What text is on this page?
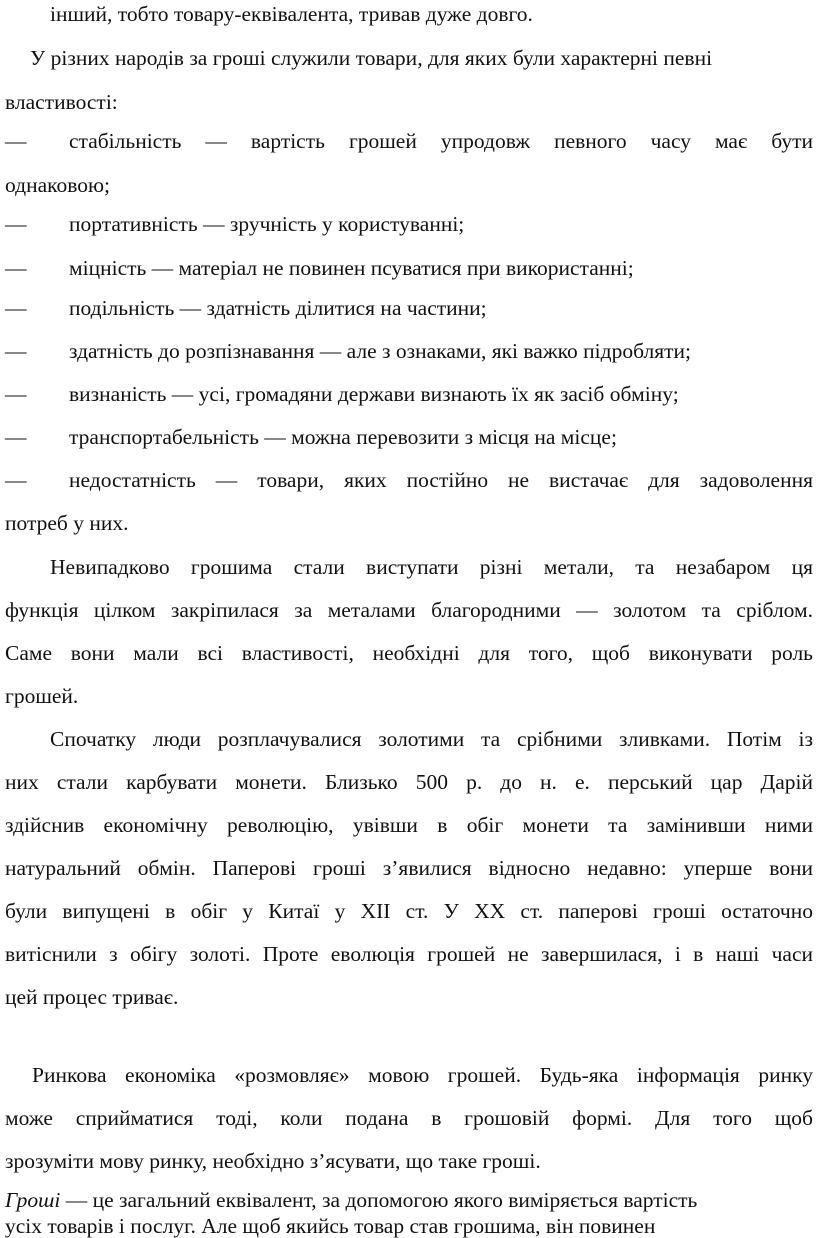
інший, тобто товару-еквівалента, тривав дуже довго.
У різних народів за гроші служили товари, для яких були характерні певні
властивості:
— стабільність — вартість грошей упродовж певного часу має бути
однаковою;
— портативність — зручність у користуванні;
— міцність — матеріал не повинен псуватися при використанні;
— подільність — здатність ділитися на частини;
— здатність до розпізнавання — але з ознаками, які важко підробляти;
— визнаність — усі, громадяни держави визнають їх як засіб обміну;
— транспортабельність — можна перевозити з місця на місце;
— недостатність — товари, яких постійно не вистачає для задоволення
потреб у них.
Невипадково грошима стали виступати різні метали, та незабаром ця
функція цілком закріпилася за металами благородними — золотом та сріблом.
Саме вони мали всі властивості, необхідні для того, щоб виконувати роль
грошей.
Спочатку люди розплачувалися золотими та срібними зливками. Потім із
них стали карбувати монети. Близько 500 р. до н. е. перський цар Дарій
здійснив економічну революцію, увівши в обіг монети та замінивши ними
натуральний обмін. Паперові гроші з’явилися відносно недавно: уперше вони
були випущені в обіг у Китаї у XII ст. У XX ст. паперові гроші остаточно
витіснили з обігу золоті. Проте еволюція грошей не завершилася, і в наші часи
цей процес триває.
Ринкова економіка «розмовляє» мовою грошей. Будь-яка інформація ринку
може сприйматися тоді, коли подана в грошовій формі. Для того щоб
зрозуміти мову ринку, необхідно з’ясувати, що таке гроші.
Гроші — це загальний еквівалент, за допомогою якого виміряється вартість
усіх товарів і послуг. Але щоб якийсь товар став грошима, він повинен
